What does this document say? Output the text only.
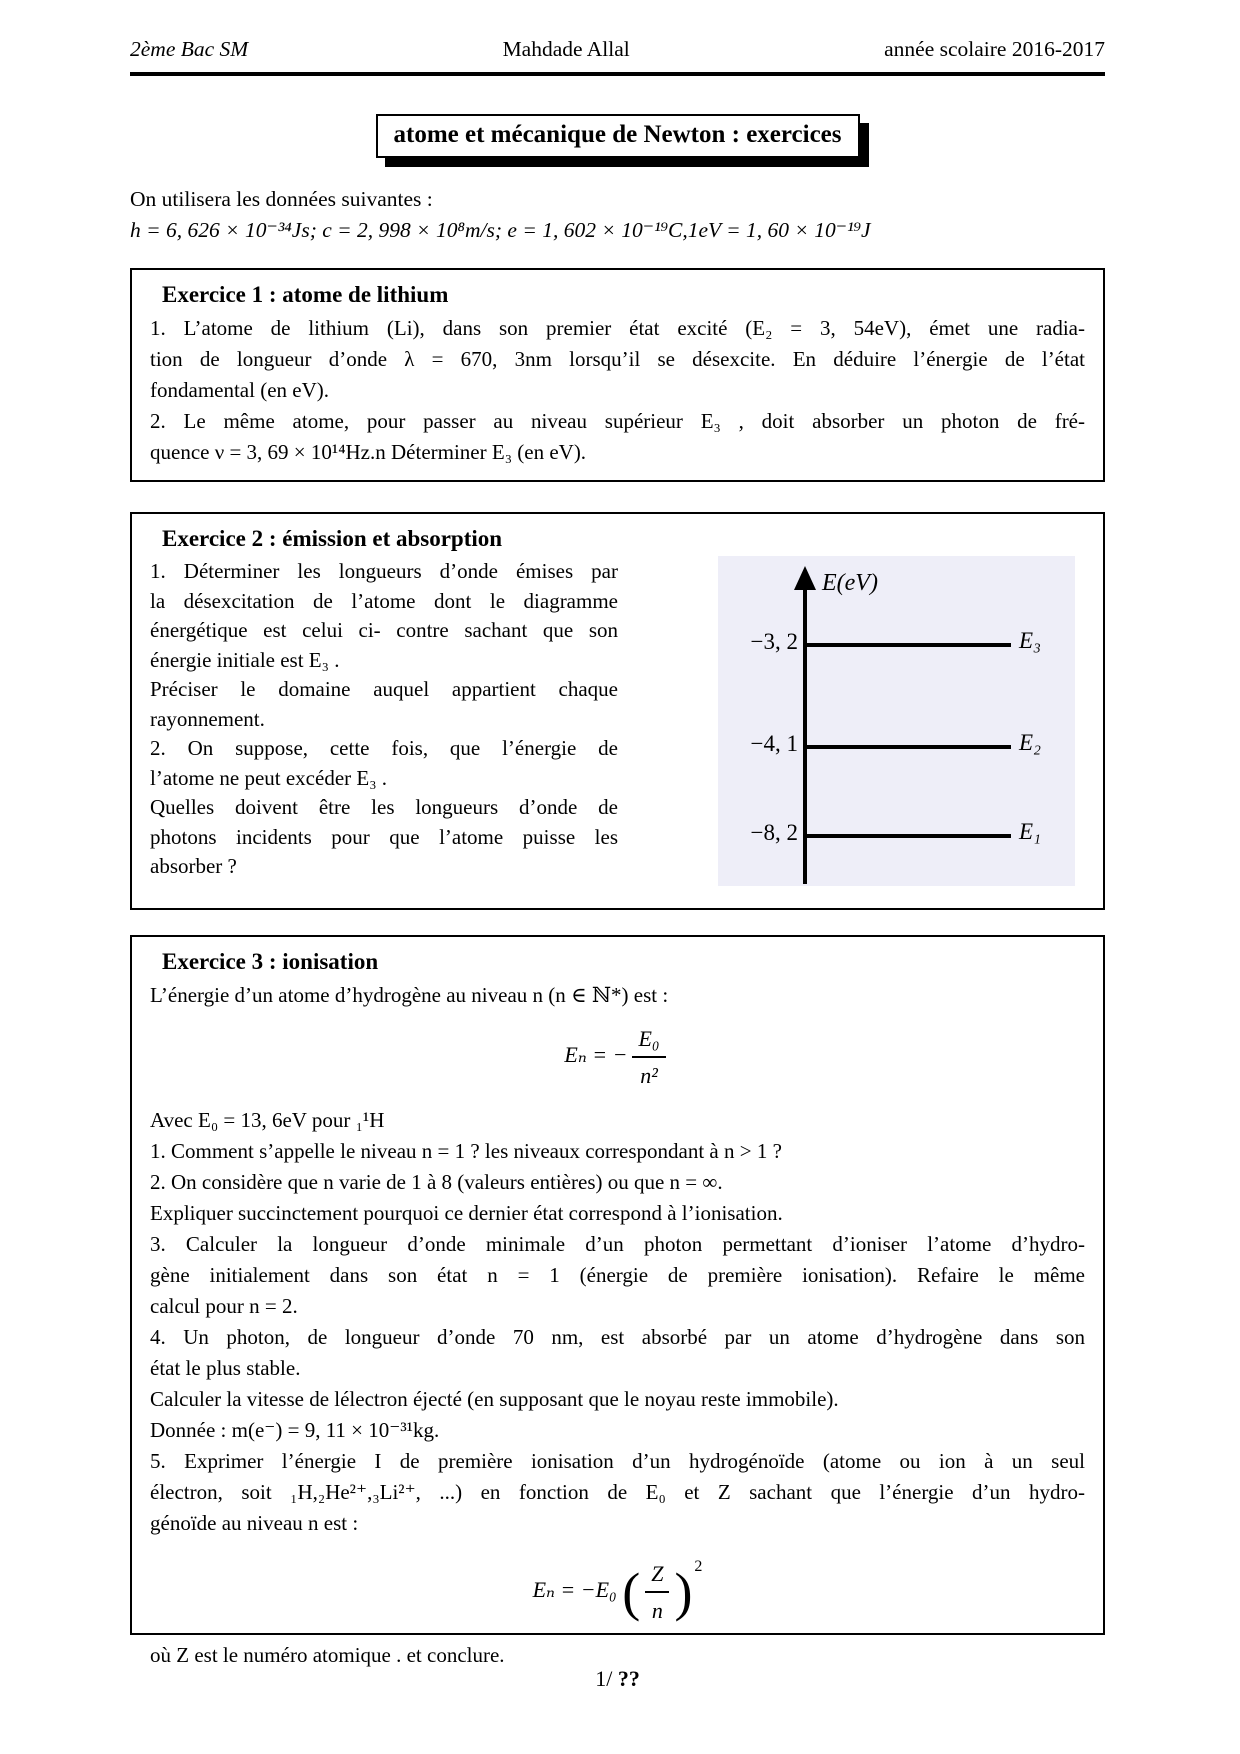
2ème Bac SM	Mahdade Allal	année scolaire 2016-2017
atome et mécanique de Newton : exercices
On utilisera les données suivantes :
h = 6, 626 × 10⁻³⁴Js; c = 2, 998 × 10⁸m/s; e = 1, 602 × 10⁻¹⁹C,1eV = 1, 60 × 10⁻¹⁹J
Exercice 1 : atome de lithium
1. L’atome de lithium (Li), dans son premier état excité (E₂ = 3, 54eV), émet une radia-
tion de longueur d’onde λ = 670, 3nm lorsqu’il se désexcite. En déduire l’énergie de l’état
fondamental (en eV).
2. Le même atome, pour passer au niveau supérieur E₃ , doit absorber un photon de fré-
quence ν = 3, 69 × 10¹⁴Hz.n Déterminer E₃ (en eV).
Exercice 2 : émission et absorption
1. Déterminer les longueurs d’onde émises par
la désexcitation de l’atome dont le diagramme
énergétique est celui ci- contre sachant que son
énergie initiale est E₃ .
Préciser le domaine auquel appartient chaque
rayonnement.
2. On suppose, cette fois, que l’énergie de
l’atome ne peut excéder E₃ .
Quelles doivent être les longueurs d’onde de
photons incidents pour que l’atome puisse les
absorber ?
E(eV)
−3, 2	E₃
−4, 1	E₂
−8, 2	E₁
Exercice 3 : ionisation
L’énergie d’un atome d’hydrogène au niveau n (n ∈ ℕ*) est :
Eₙ = − $\frac{\text{E₀}}{\text{n²}}$
Avec E₀ = 13, 6eV pour ₁¹H
1. Comment s’appelle le niveau n = 1 ? les niveaux correspondant à n > 1 ?
2. On considère que n varie de 1 à 8 (valeurs entières) ou que n = ∞.
Expliquer succinctement pourquoi ce dernier état correspond à l’ionisation.
3. Calculer la longueur d’onde minimale d’un photon permettant d’ioniser l’atome d’hydro-
gène initialement dans son état n = 1 (énergie de première ionisation). Refaire le même
calcul pour n = 2.
4. Un photon, de longueur d’onde 70 nm, est absorbé par un atome d’hydrogène dans son
état le plus stable.
Calculer la vitesse de lélectron éjecté (en supposant que le noyau reste immobile).
Donnée : m(e⁻) = 9, 11 × 10⁻³¹kg.
5. Exprimer l’énergie I de première ionisation d’un hydrogénoïde (atome ou ion à un seul
électron, soit ₁H,₂He²⁺,₃Li²⁺, ...) en fonction de E₀ et Z sachant que l’énergie d’un hydro-
génoïde au niveau n est :
Eₙ = −E₀ ( $\frac{Z}{n}$ ) 2
où Z est le numéro atomique . et conclure.
1/ ??
